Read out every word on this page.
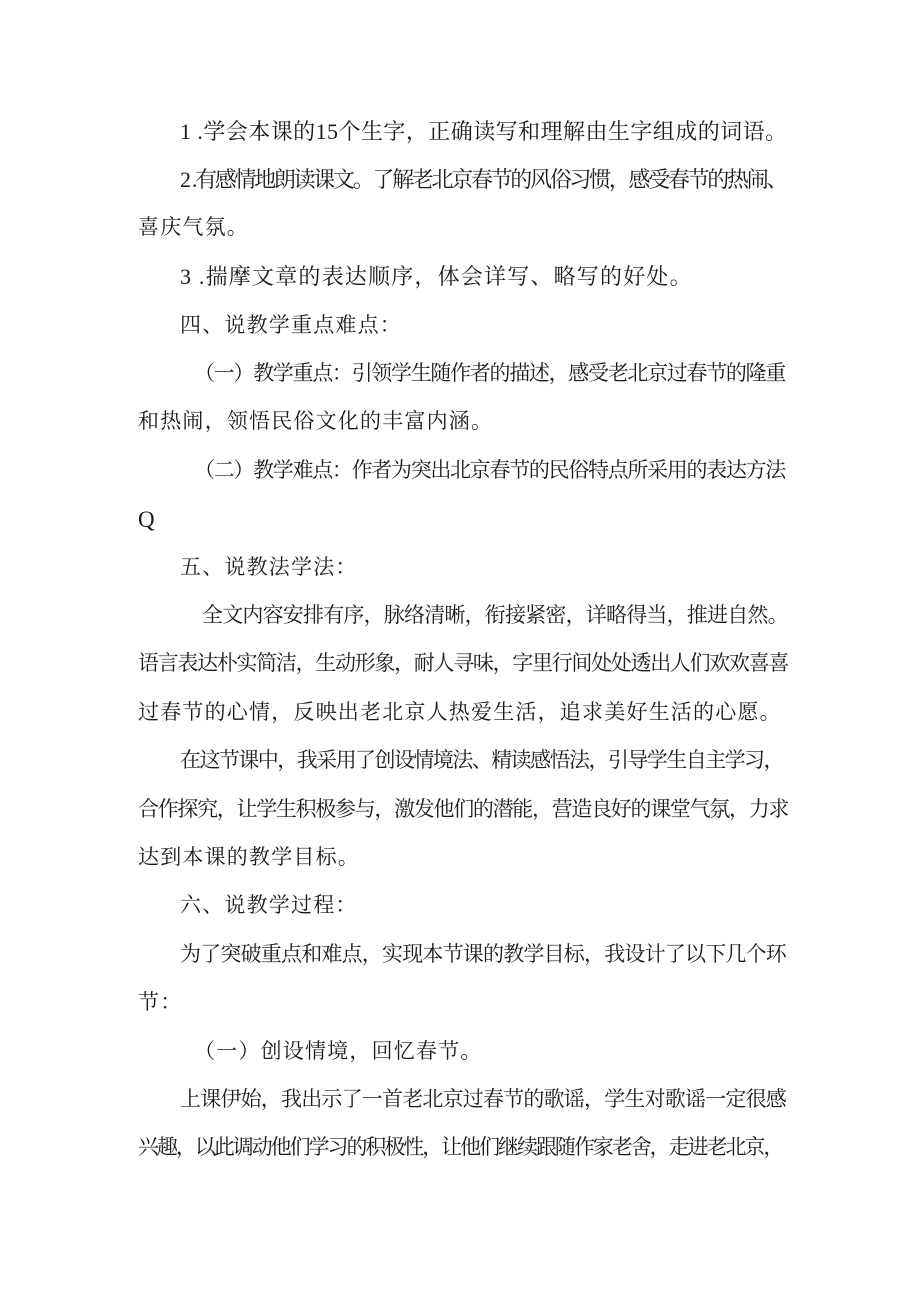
1 .学会本课的15个生字，正确读写和理解由生字组成的词语。
2 .有感情地朗读课文。了解老北京春节的风俗习惯，感受春节的热闹、
喜庆气氛。
3 .揣摩文章的表达顺序，体会详写、略写的好处。
四、说教学重点难点：
（一）教学重点：引领学生随作者的描述，感受老北京过春节的隆重
和热闹，领悟民俗文化的丰富内涵。
（二）教学难点：作者为突出北京春节的民俗特点所采用的表达方法
Q
五、说教法学法：
全文内容安排有序，脉络清晰，衔接紧密，详略得当，推进自然。
语言表达朴实简洁，生动形象，耐人寻味，字里行间处处透出人们欢欢喜喜
过春节的心情，反映出老北京人热爱生活，追求美好生活的心愿。
在这节课中，我采用了创设情境法、精读感悟法，引导学生自主学习，
合作探究，让学生积极参与，激发他们的潜能，营造良好的课堂气氛，力求
达到本课的教学目标。
六、说教学过程：
为了突破重点和难点，实现本节课的教学目标，我设计了以下几个环
节：
（一）创设情境，回忆春节。
上课伊始，我出示了一首老北京过春节的歌谣，学生对歌谣一定很感
兴趣，以此调动他们学习的积极性，让他们继续跟随作家老舍，走进老北京，
